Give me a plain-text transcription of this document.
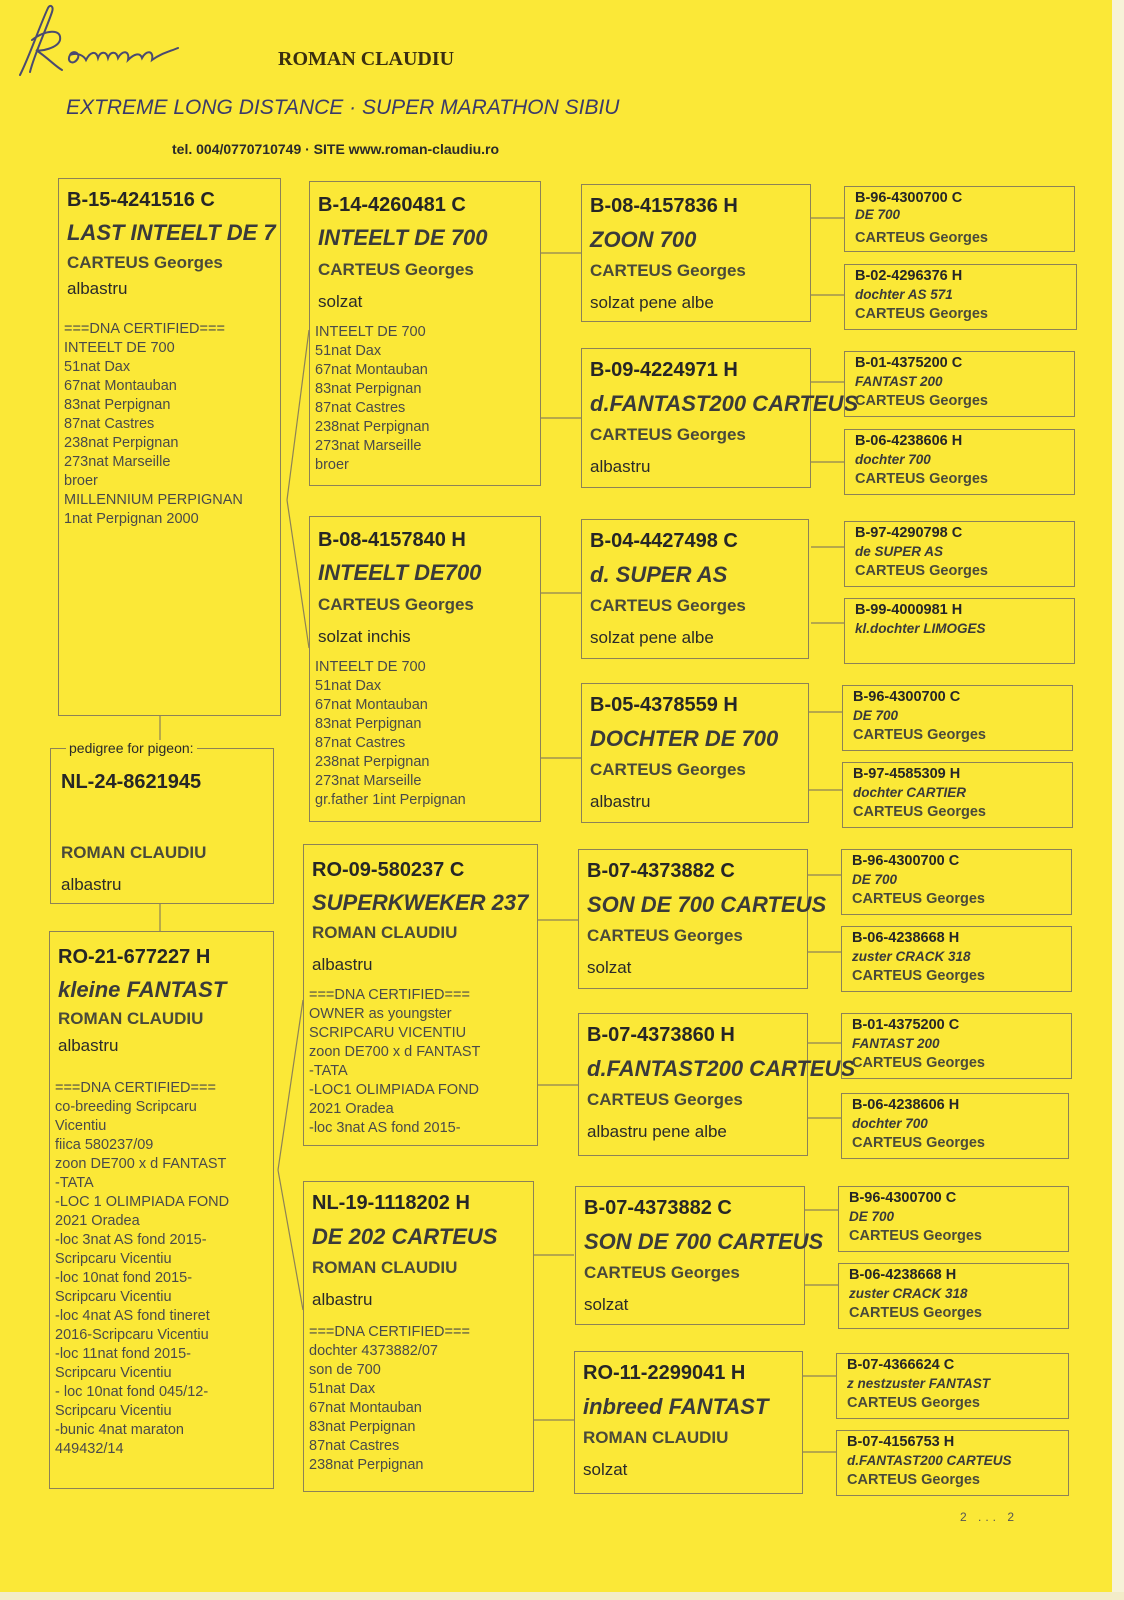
ROMAN CLAUDIU
EXTREME LONG DISTANCE · SUPER MARATHON SIBIU
tel. 004/0770710749 · SITE www.roman-claudiu.ro
B-15-4241516 C
LAST INTEELT DE 7
CARTEUS Georges
albastru
===DNA CERTIFIED===
INTEELT DE 700
51nat Dax
67nat Montauban
83nat Perpignan
87nat Castres
238nat Perpignan
273nat Marseille
broer
MILLENNIUM PERPIGNAN
1nat Perpignan 2000
NL-24-8621945
ROMAN CLAUDIU
albastru
pedigree for pigeon:
RO-21-677227 H
kleine FANTAST
ROMAN CLAUDIU
albastru
===DNA CERTIFIED===
co-breeding Scripcaru
Vicentiu
fiica 580237/09
zoon DE700 x d FANTAST
-TATA
-LOC 1 OLIMPIADA FOND
2021 Oradea
-loc 3nat AS fond 2015-
Scripcaru Vicentiu
-loc 10nat fond 2015-
Scripcaru Vicentiu
-loc 4nat AS fond tineret
2016-Scripcaru Vicentiu
-loc 11nat fond 2015-
Scripcaru Vicentiu
- loc 10nat fond 045/12-
Scripcaru Vicentiu
-bunic 4nat maraton
449432/14
B-14-4260481 C
INTEELT DE 700
CARTEUS Georges
solzat
INTEELT DE 700
51nat Dax
67nat Montauban
83nat Perpignan
87nat Castres
238nat Perpignan
273nat Marseille
broer
B-08-4157840 H
INTEELT DE700
CARTEUS Georges
solzat inchis
INTEELT DE 700
51nat Dax
67nat Montauban
83nat Perpignan
87nat Castres
238nat Perpignan
273nat Marseille
gr.father 1int Perpignan
RO-09-580237 C
SUPERKWEKER 237
ROMAN CLAUDIU
albastru
===DNA CERTIFIED===
OWNER as youngster
SCRIPCARU VICENTIU
zoon DE700 x d FANTAST
-TATA
-LOC1 OLIMPIADA FOND
2021 Oradea
-loc 3nat AS fond 2015-
NL-19-1118202 H
DE 202 CARTEUS
ROMAN CLAUDIU
albastru
===DNA CERTIFIED===
dochter 4373882/07
son de 700
51nat Dax
67nat Montauban
83nat Perpignan
87nat Castres
238nat Perpignan
B-08-4157836 H
ZOON 700
CARTEUS Georges
solzat pene albe
B-09-4224971 H
d.FANTAST200 CARTEUS
CARTEUS Georges
albastru
B-04-4427498 C
d. SUPER AS
CARTEUS Georges
solzat pene albe
B-05-4378559 H
DOCHTER DE 700
CARTEUS Georges
albastru
B-07-4373882 C
SON DE 700 CARTEUS
CARTEUS Georges
solzat
B-07-4373860 H
d.FANTAST200 CARTEUS
CARTEUS Georges
albastru pene albe
B-07-4373882 C
SON DE 700 CARTEUS
CARTEUS Georges
solzat
RO-11-2299041 H
inbreed FANTAST
ROMAN CLAUDIU
solzat
B-96-4300700 C
DE 700
CARTEUS Georges
B-02-4296376 H
dochter AS 571
CARTEUS Georges
B-01-4375200 C
FANTAST 200
CARTEUS Georges
B-06-4238606 H
dochter 700
CARTEUS Georges
B-97-4290798 C
de SUPER AS
CARTEUS Georges
B-99-4000981 H
kl.dochter LIMOGES
B-96-4300700 C
DE 700
CARTEUS Georges
B-97-4585309 H
dochter CARTIER
CARTEUS Georges
B-96-4300700 C
DE 700
CARTEUS Georges
B-06-4238668 H
zuster CRACK 318
CARTEUS Georges
B-01-4375200 C
FANTAST 200
CARTEUS Georges
B-06-4238606 H
dochter 700
CARTEUS Georges
B-96-4300700 C
DE 700
CARTEUS Georges
B-06-4238668 H
zuster CRACK 318
CARTEUS Georges
B-07-4366624 C
z nestzuster FANTAST
CARTEUS Georges
B-07-4156753 H
d.FANTAST200 CARTEUS
CARTEUS Georges
2 ... 2
